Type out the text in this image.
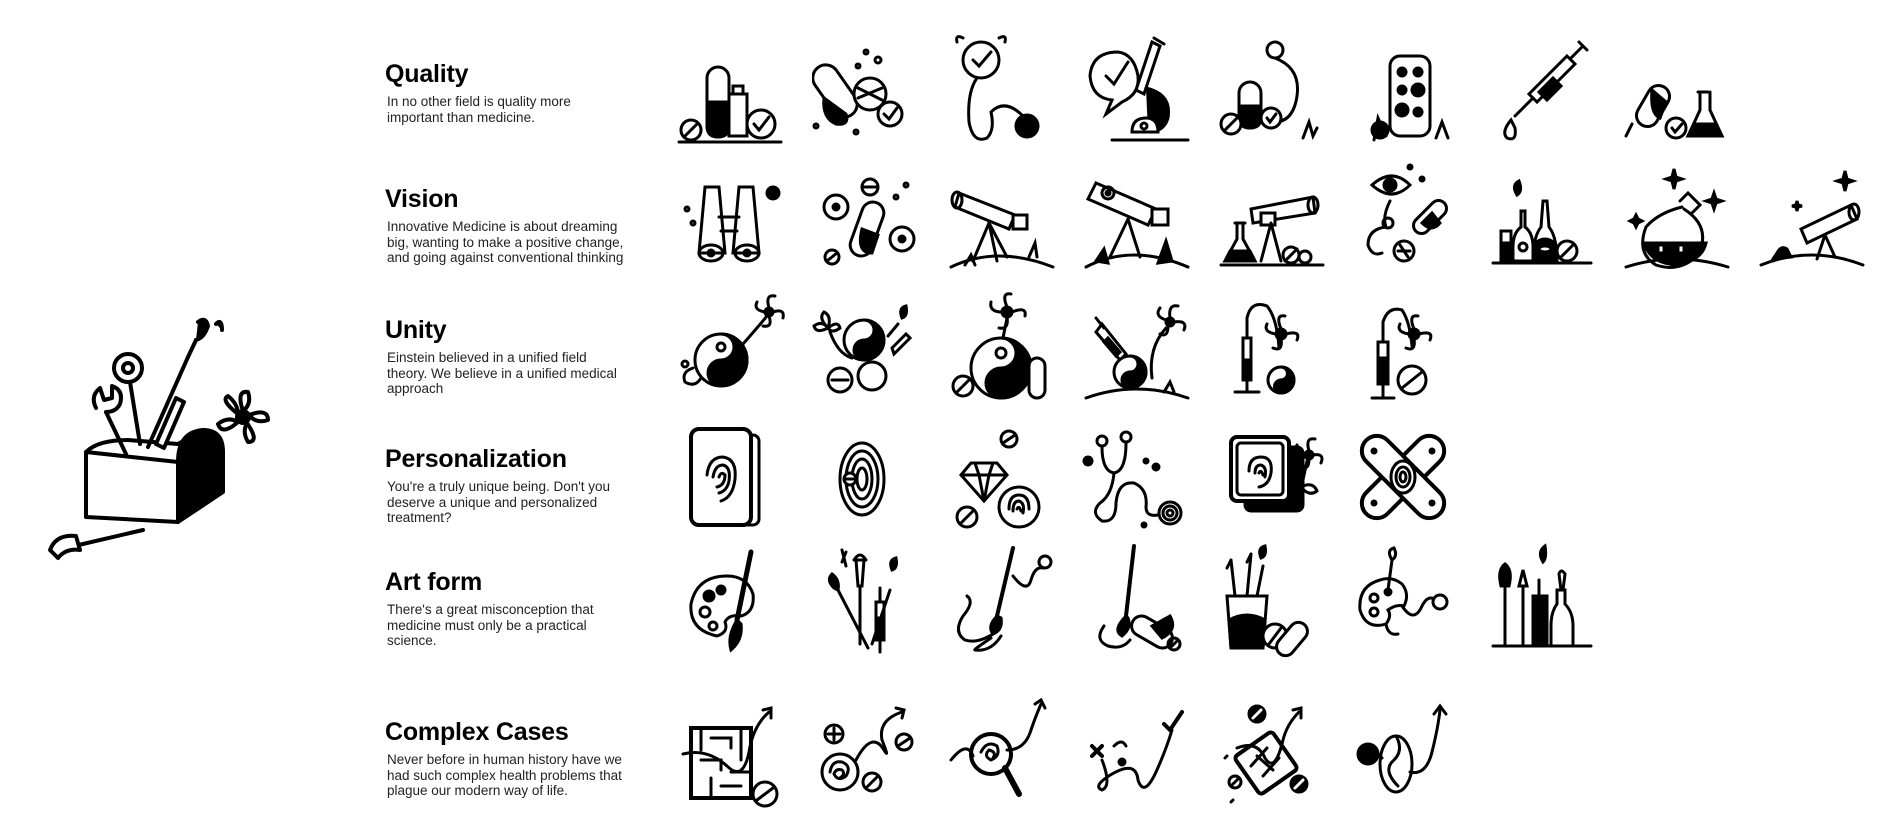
Quality

In no other field is quality more important than medicine.

Vision

Innovative Medicine is about dreaming big, wanting to make a positive change, and going against conventional thinking

Unity

Einstein believed in a unified field theory. We believe in a unified medical approach

Personalization

You're a truly unique being. Don't you deserve a unique and personalized treatment?

Art form

There's a great misconception that medicine must only be a practical science.

Complex Cases

Never before in human history have we had such complex health problems that plague our modern way of life.
